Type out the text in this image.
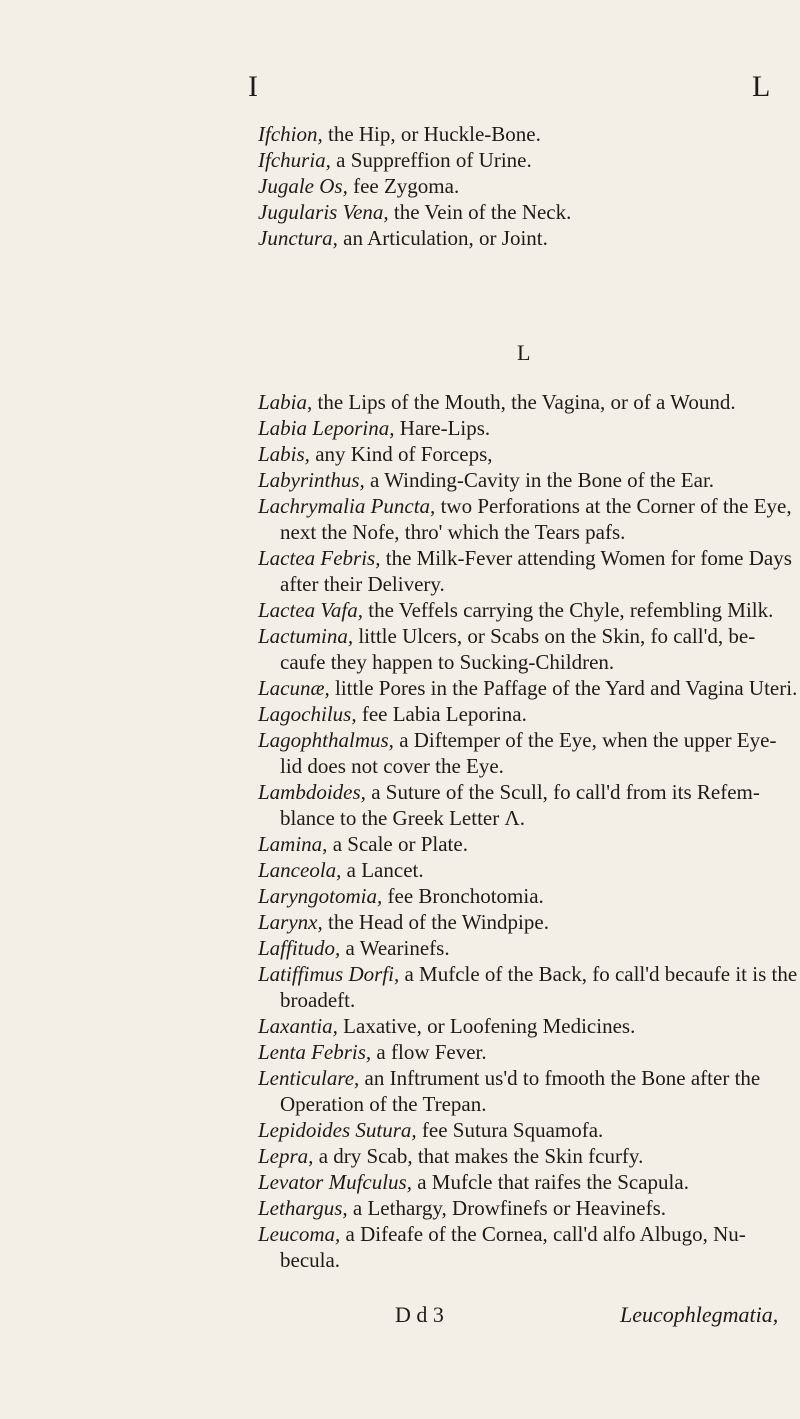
I	L
Ifchion, the Hip, or Huckle-Bone.
Ifchuria, a Suppreffion of Urine.
Jugale Os, fee Zygoma.
Jugularis Vena, the Vein of the Neck.
Junctura, an Articulation, or Joint.
L
Labia, the Lips of the Mouth, the Vagina, or of a Wound.
Labia Leporina, Hare-Lips.
Labis, any Kind of Forceps,
Labyrinthus, a Winding-Cavity in the Bone of the Ear.
Lachrymalia Puncta, two Perforations at the Corner of the Eye, next the Nofe, thro' which the Tears pafs.
Lactea Febris, the Milk-Fever attending Women for fome Days after their Delivery.
Lactea Vafa, the Veffels carrying the Chyle, refembling Milk.
Lactumina, little Ulcers, or Scabs on the Skin, fo call'd, be-caufe they happen to Sucking-Children.
Lacunæ, little Pores in the Paffage of the Yard and Vagina Uteri.
Lagochilus, fee Labia Leporina.
Lagophthalmus, a Diftemper of the Eye, when the upper Eye-lid does not cover the Eye.
Lambdoides, a Suture of the Scull, fo call'd from its Refem-blance to the Greek Letter Λ.
Lamina, a Scale or Plate.
Lanceola, a Lancet.
Laryngotomia, fee Bronchotomia.
Larynx, the Head of the Windpipe.
Laffitudo, a Wearinefs.
Latiffimus Dorfi, a Mufcle of the Back, fo call'd becaufe it is the broadeft.
Laxantia, Laxative, or Loofening Medicines.
Lenta Febris, a flow Fever.
Lenticulare, an Inftrument us'd to fmooth the Bone after the Operation of the Trepan.
Lepidoides Sutura, fee Sutura Squamofa.
Lepra, a dry Scab, that makes the Skin fcurfy.
Levator Mufculus, a Mufcle that raifes the Scapula.
Lethargus, a Lethargy, Drowfinefs or Heavinefs.
Leucoma, a Difeafe of the Cornea, call'd alfo Albugo, Nu-becula.
D d 3	Leucophlegmatia,
